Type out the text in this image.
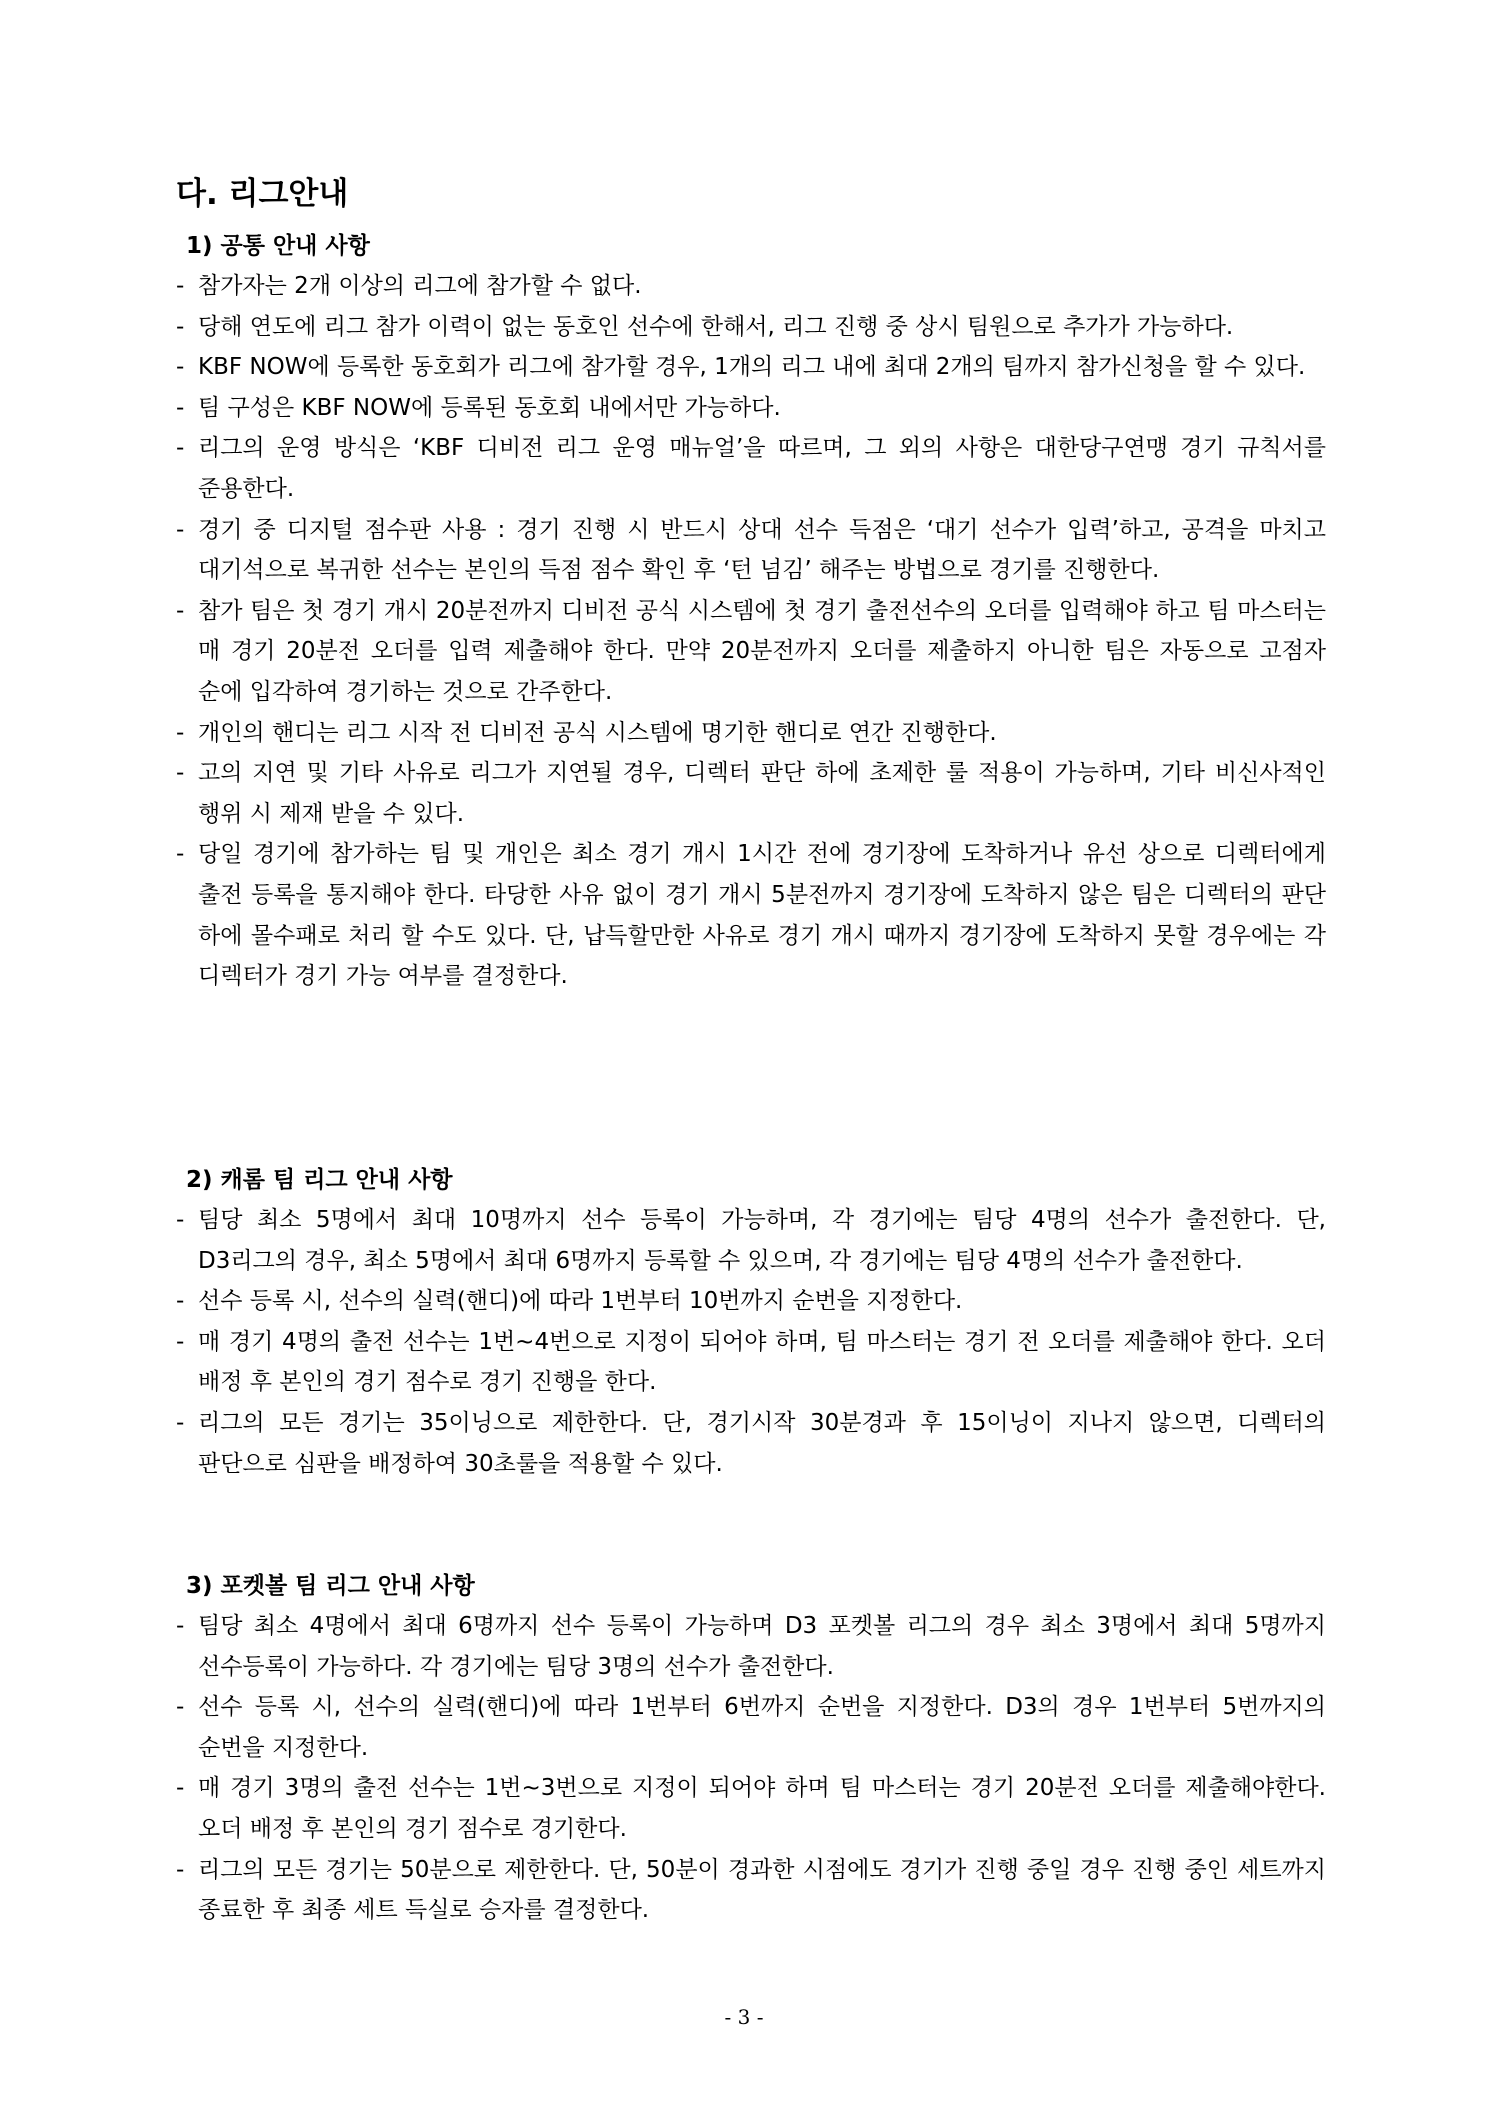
다. 리그안내
1) 공통 안내 사항
- 참가자는 2개 이상의 리그에 참가할 수 없다.
- 당해 연도에 리그 참가 이력이 없는 동호인 선수에 한해서, 리그 진행 중 상시 팀원으로 추가가 가능하다.
- KBF NOW에 등록한 동호회가 리그에 참가할 경우, 1개의 리그 내에 최대 2개의 팀까지 참가신청을 할 수 있다.
- 팀 구성은 KBF NOW에 등록된 동호회 내에서만 가능하다.
- 리그의 운영 방식은 ‘KBF 디비전 리그 운영 매뉴얼’을 따르며, 그 외의 사항은 대한당구연맹 경기 규칙서를 준용한다.
- 경기 중 디지털 점수판 사용 : 경기 진행 시 반드시 상대 선수 득점은 ‘대기 선수가 입력’하고, 공격을 마치고 대기석으로 복귀한 선수는 본인의 득점 점수 확인 후 ‘턴 넘김’ 해주는 방법으로 경기를 진행한다.
- 참가 팀은 첫 경기 개시 20분전까지 디비전 공식 시스템에 첫 경기 출전선수의 오더를 입력해야 하고 팀 마스터는 매 경기 20분전 오더를 입력 제출해야 한다. 만약 20분전까지 오더를 제출하지 아니한 팀은 자동으로 고점자 순에 입각하여 경기하는 것으로 간주한다.
- 개인의 핸디는 리그 시작 전 디비전 공식 시스템에 명기한 핸디로 연간 진행한다.
- 고의 지연 및 기타 사유로 리그가 지연될 경우, 디렉터 판단 하에 초제한 룰 적용이 가능하며, 기타 비신사적인 행위 시 제재 받을 수 있다.
- 당일 경기에 참가하는 팀 및 개인은 최소 경기 개시 1시간 전에 경기장에 도착하거나 유선 상으로 디렉터에게 출전 등록을 통지해야 한다. 타당한 사유 없이 경기 개시 5분전까지 경기장에 도착하지 않은 팀은 디렉터의 판단 하에 몰수패로 처리 할 수도 있다. 단, 납득할만한 사유로 경기 개시 때까지 경기장에 도착하지 못할 경우에는 각 디렉터가 경기 가능 여부를 결정한다.
2) 캐롬 팀 리그 안내 사항
- 팀당 최소 5명에서 최대 10명까지 선수 등록이 가능하며, 각 경기에는 팀당 4명의 선수가 출전한다. 단, D3리그의 경우, 최소 5명에서 최대 6명까지 등록할 수 있으며, 각 경기에는 팀당 4명의 선수가 출전한다.
- 선수 등록 시, 선수의 실력(핸디)에 따라 1번부터 10번까지 순번을 지정한다.
- 매 경기 4명의 출전 선수는 1번~4번으로 지정이 되어야 하며, 팀 마스터는 경기 전 오더를 제출해야 한다. 오더 배정 후 본인의 경기 점수로 경기 진행을 한다.
- 리그의 모든 경기는 35이닝으로 제한한다. 단, 경기시작 30분경과 후 15이닝이 지나지 않으면, 디렉터의 판단으로 심판을 배정하여 30초룰을 적용할 수 있다.
3) 포켓볼 팀 리그 안내 사항
- 팀당 최소 4명에서 최대 6명까지 선수 등록이 가능하며 D3 포켓볼 리그의 경우 최소 3명에서 최대 5명까지 선수등록이 가능하다. 각 경기에는 팀당 3명의 선수가 출전한다.
- 선수 등록 시, 선수의 실력(핸디)에 따라 1번부터 6번까지 순번을 지정한다. D3의 경우 1번부터 5번까지의 순번을 지정한다.
- 매 경기 3명의 출전 선수는 1번~3번으로 지정이 되어야 하며 팀 마스터는 경기 20분전 오더를 제출해야한다. 오더 배정 후 본인의 경기 점수로 경기한다.
- 리그의 모든 경기는 50분으로 제한한다. 단, 50분이 경과한 시점에도 경기가 진행 중일 경우 진행 중인 세트까지 종료한 후 최종 세트 득실로 승자를 결정한다.
- 3 -
